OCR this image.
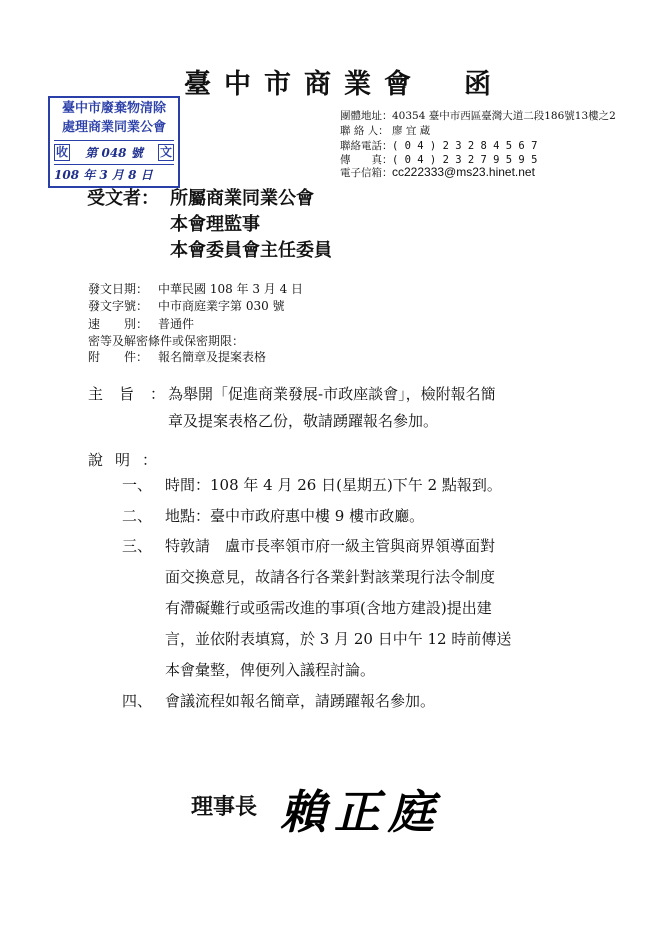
臺中市商業會　函
臺中市廢棄物清除
處理商業同業公會
收	第 048 號	文
108 年 3 月 8 日
團體地址：40354 臺中市西區臺灣大道二段186號13樓之2
聯 絡 人： 廖 宜 蔵
聯絡電話：( 0 4 ) 2 3 2 8 4 5 6 7
傳　　真：( 0 4 ) 2 3 2 7 9 5 9 5
電子信箱：cc222333@ms23.hinet.net
受文者： 所屬商業同業公會
本會理監事
本會委員會主任委員
發文日期： 中華民國 108 年 3 月 4 日
發文字號： 中市商庭業字第 030 號
速　　別： 普通件
密等及解密條件或保密期限：
附　　件： 報名簡章及提案表格
主旨：
為舉開「促進商業發展-市政座談會」，檢附報名簡
章及提案表格乙份，敬請踴躍報名參加。
說明：
一、 時間：108 年 4 月 26 日(星期五)下午 2 點報到。
二、 地點：臺中市政府惠中樓 9 樓市政廳。
三、 特敦請　盧市長率領市府一級主管與商界領導面對
面交換意見，故請各行各業針對該業現行法令制度
有滯礙難行或亟需改進的事項(含地方建設)提出建
言，並依附表填寫，於 3 月 20 日中午 12 時前傳送
本會彙整，俾便列入議程討論。
四、 會議流程如報名簡章，請踴躍報名參加。
理事長 賴正庭
